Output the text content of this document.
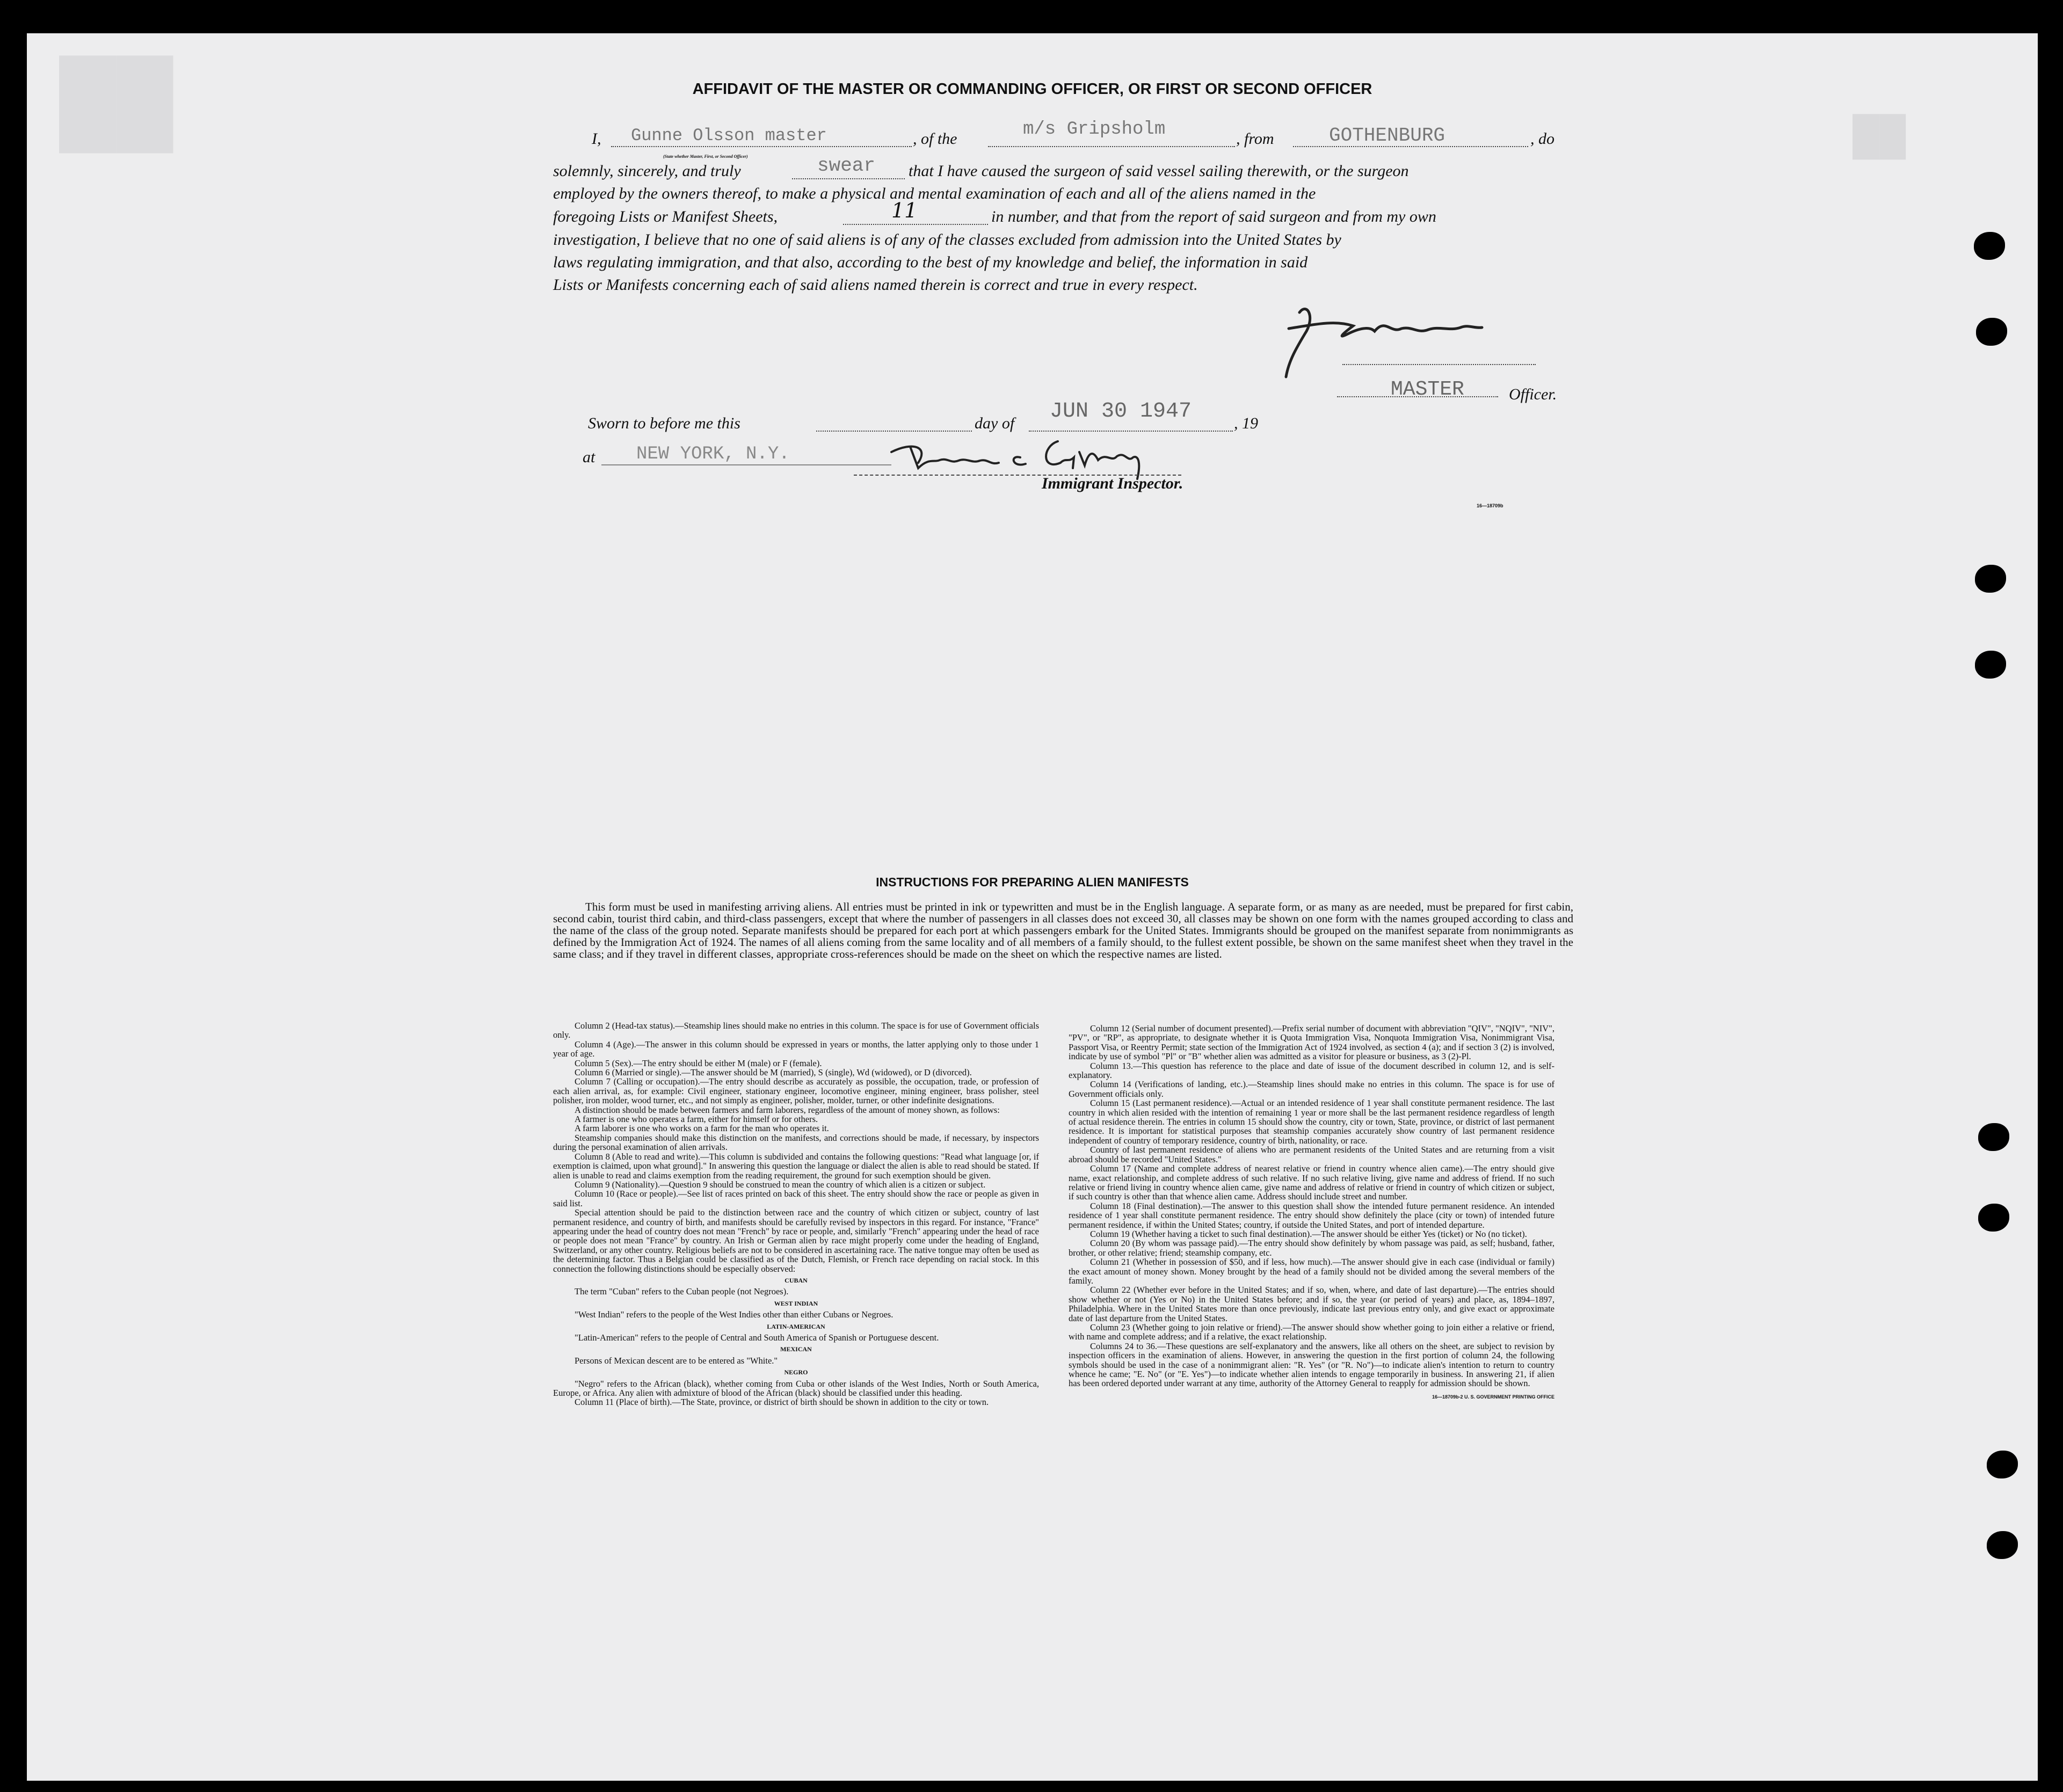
██	██
AFFIDAVIT OF THE MASTER OR COMMANDING OFFICER, OR FIRST OR SECOND OFFICER
I, Gunne Olsson master	, of the	m/s Gripsholm	, from	GOTHENBURG	, do
(State whether Master, First, or Second Officer)
solemnly, sincerely, and truly	swear that I have caused the surgeon of said vessel sailing therewith, or the surgeon
employed by the owners thereof, to make a physical and mental examination of each and all of the aliens named in the
foregoing Lists or Manifest Sheets,	11	in number, and that from the report of said surgeon and from my own
investigation, I believe that no one of said aliens is of any of the classes excluded from admission into the United States by
laws regulating immigration, and that also, according to the best of my knowledge and belief, the information in said
Lists or Manifests concerning each of said aliens named therein is correct and true in every respect.
MASTER	Officer.
Sworn to before me this	day of JUN 30 1947	, 19
at NEW YORK, N.Y.
Immigrant Inspector.
16—18709b
INSTRUCTIONS FOR PREPARING ALIEN MANIFESTS
This form must be used in manifesting arriving aliens. All entries must be printed in ink or typewritten and must be in the English language. A separate form, or as many as are needed, must be prepared for first cabin, second cabin, tourist third cabin, and third-class passengers, except that where the number of passengers in all classes does not exceed 30, all classes may be shown on one form with the names grouped according to class and the name of the class of the group noted. Separate manifests should be prepared for each port at which passengers embark for the United States. Immigrants should be grouped on the manifest separate from nonimmigrants as defined by the Immigration Act of 1924. The names of all aliens coming from the same locality and of all members of a family should, to the fullest extent possible, be shown on the same manifest sheet when they travel in the same class; and if they travel in different classes, appropriate cross-references should be made on the sheet on which the respective names are listed.

Column 2 (Head-tax status).—Steamship lines should make no entries in this column. The space is for use of Government officials only.

Column 4 (Age).—The answer in this column should be expressed in years or months, the latter applying only to those under 1 year of age.

Column 5 (Sex).—The entry should be either M (male) or F (female).

Column 6 (Married or single).—The answer should be M (married), S (single), Wd (widowed), or D (divorced).

Column 7 (Calling or occupation).—The entry should describe as accurately as possible, the occupation, trade, or profession of each alien arrival, as, for example: Civil engineer, stationary engineer, locomotive engineer, mining engineer, brass polisher, steel polisher, iron molder, wood turner, etc., and not simply as engineer, polisher, molder, turner, or other indefinite designations.

A distinction should be made between farmers and farm laborers, regardless of the amount of money shown, as follows:

A farmer is one who operates a farm, either for himself or for others.

A farm laborer is one who works on a farm for the man who operates it.

Steamship companies should make this distinction on the manifests, and corrections should be made, if necessary, by inspectors during the personal examination of alien arrivals.

Column 8 (Able to read and write).—This column is subdivided and contains the following questions: "Read what language [or, if exemption is claimed, upon what ground]." In answering this question the language or dialect the alien is able to read should be stated. If alien is unable to read and claims exemption from the reading requirement, the ground for such exemption should be given.

Column 9 (Nationality).—Question 9 should be construed to mean the country of which alien is a citizen or subject.

Column 10 (Race or people).—See list of races printed on back of this sheet. The entry should show the race or people as given in said list.

Special attention should be paid to the distinction between race and the country of which citizen or subject, country of last permanent residence, and country of birth, and manifests should be carefully revised by inspectors in this regard. For instance, "France" appearing under the head of country does not mean "French" by race or people, and, similarly "French" appearing under the head of race or people does not mean "France" by country. An Irish or German alien by race might properly come under the heading of England, Switzerland, or any other country. Religious beliefs are not to be considered in ascertaining race. The native tongue may often be used as the determining factor. Thus a Belgian could be classified as of the Dutch, Flemish, or French race depending on racial stock. In this connection the following distinctions should be especially observed:

CUBAN

The term "Cuban" refers to the Cuban people (not Negroes).

WEST INDIAN

"West Indian" refers to the people of the West Indies other than either Cubans or Negroes.

LATIN-AMERICAN

"Latin-American" refers to the people of Central and South America of Spanish or Portuguese descent.

MEXICAN

Persons of Mexican descent are to be entered as "White."

NEGRO

"Negro" refers to the African (black), whether coming from Cuba or other islands of the West Indies, North or South America, Europe, or Africa. Any alien with admixture of blood of the African (black) should be classified under this heading.

Column 11 (Place of birth).—The State, province, or district of birth should be shown in addition to the city or town.

Column 12 (Serial number of document presented).—Prefix serial number of document with abbreviation "QIV", "NQIV", "NIV", "PV", or "RP", as appropriate, to designate whether it is Quota Immigration Visa, Nonquota Immigration Visa, Nonimmigrant Visa, Passport Visa, or Reentry Permit; state section of the Immigration Act of 1924 involved, as section 4 (a); and if section 3 (2) is involved, indicate by use of symbol "Pl" or "B" whether alien was admitted as a visitor for pleasure or business, as 3 (2)-Pl.

Column 13.—This question has reference to the place and date of issue of the document described in column 12, and is self-explanatory.

Column 14 (Verifications of landing, etc.).—Steamship lines should make no entries in this column. The space is for use of Government officials only.

Column 15 (Last permanent residence).—Actual or an intended residence of 1 year shall constitute permanent residence. The last country in which alien resided with the intention of remaining 1 year or more shall be the last permanent residence regardless of length of actual residence therein. The entries in column 15 should show the country, city or town, State, province, or district of last permanent residence. It is important for statistical purposes that steamship companies accurately show country of last permanent residence independent of country of temporary residence, country of birth, nationality, or race.

Country of last permanent residence of aliens who are permanent residents of the United States and are returning from a visit abroad should be recorded "United States."

Column 17 (Name and complete address of nearest relative or friend in country whence alien came).—The entry should give name, exact relationship, and complete address of such relative. If no such relative living, give name and address of friend. If no such relative or friend living in country whence alien came, give name and address of relative or friend in country of which citizen or subject, if such country is other than that whence alien came. Address should include street and number.

Column 18 (Final destination).—The answer to this question shall show the intended future permanent residence. An intended residence of 1 year shall constitute permanent residence. The entry should show definitely the place (city or town) of intended future permanent residence, if within the United States; country, if outside the United States, and port of intended departure.

Column 19 (Whether having a ticket to such final destination).—The answer should be either Yes (ticket) or No (no ticket).

Column 20 (By whom was passage paid).—The entry should show definitely by whom passage was paid, as self; husband, father, brother, or other relative; friend; steamship company, etc.

Column 21 (Whether in possession of $50, and if less, how much).—The answer should give in each case (individual or family) the exact amount of money shown. Money brought by the head of a family should not be divided among the several members of the family.

Column 22 (Whether ever before in the United States; and if so, when, where, and date of last departure).—The entries should show whether or not (Yes or No) in the United States before; and if so, the year (or period of years) and place, as, 1894–1897, Philadelphia. Where in the United States more than once previously, indicate last previous entry only, and give exact or approximate date of last departure from the United States.

Column 23 (Whether going to join relative or friend).—The answer should show whether going to join either a relative or friend, with name and complete address; and if a relative, the exact relationship.

Columns 24 to 36.—These questions are self-explanatory and the answers, like all others on the sheet, are subject to revision by inspection officers in the examination of aliens. However, in answering the question in the first portion of column 24, the following symbols should be used in the case of a nonimmigrant alien: "R. Yes" (or "R. No")—to indicate alien's intention to return to country whence he came; "E. No" (or "E. Yes")—to indicate whether alien intends to engage temporarily in business. In answering 21, if alien has been ordered deported under warrant at any time, authority of the Attorney General to reapply for admission should be shown.

16—18709b-2 U. S. GOVERNMENT PRINTING OFFICE
